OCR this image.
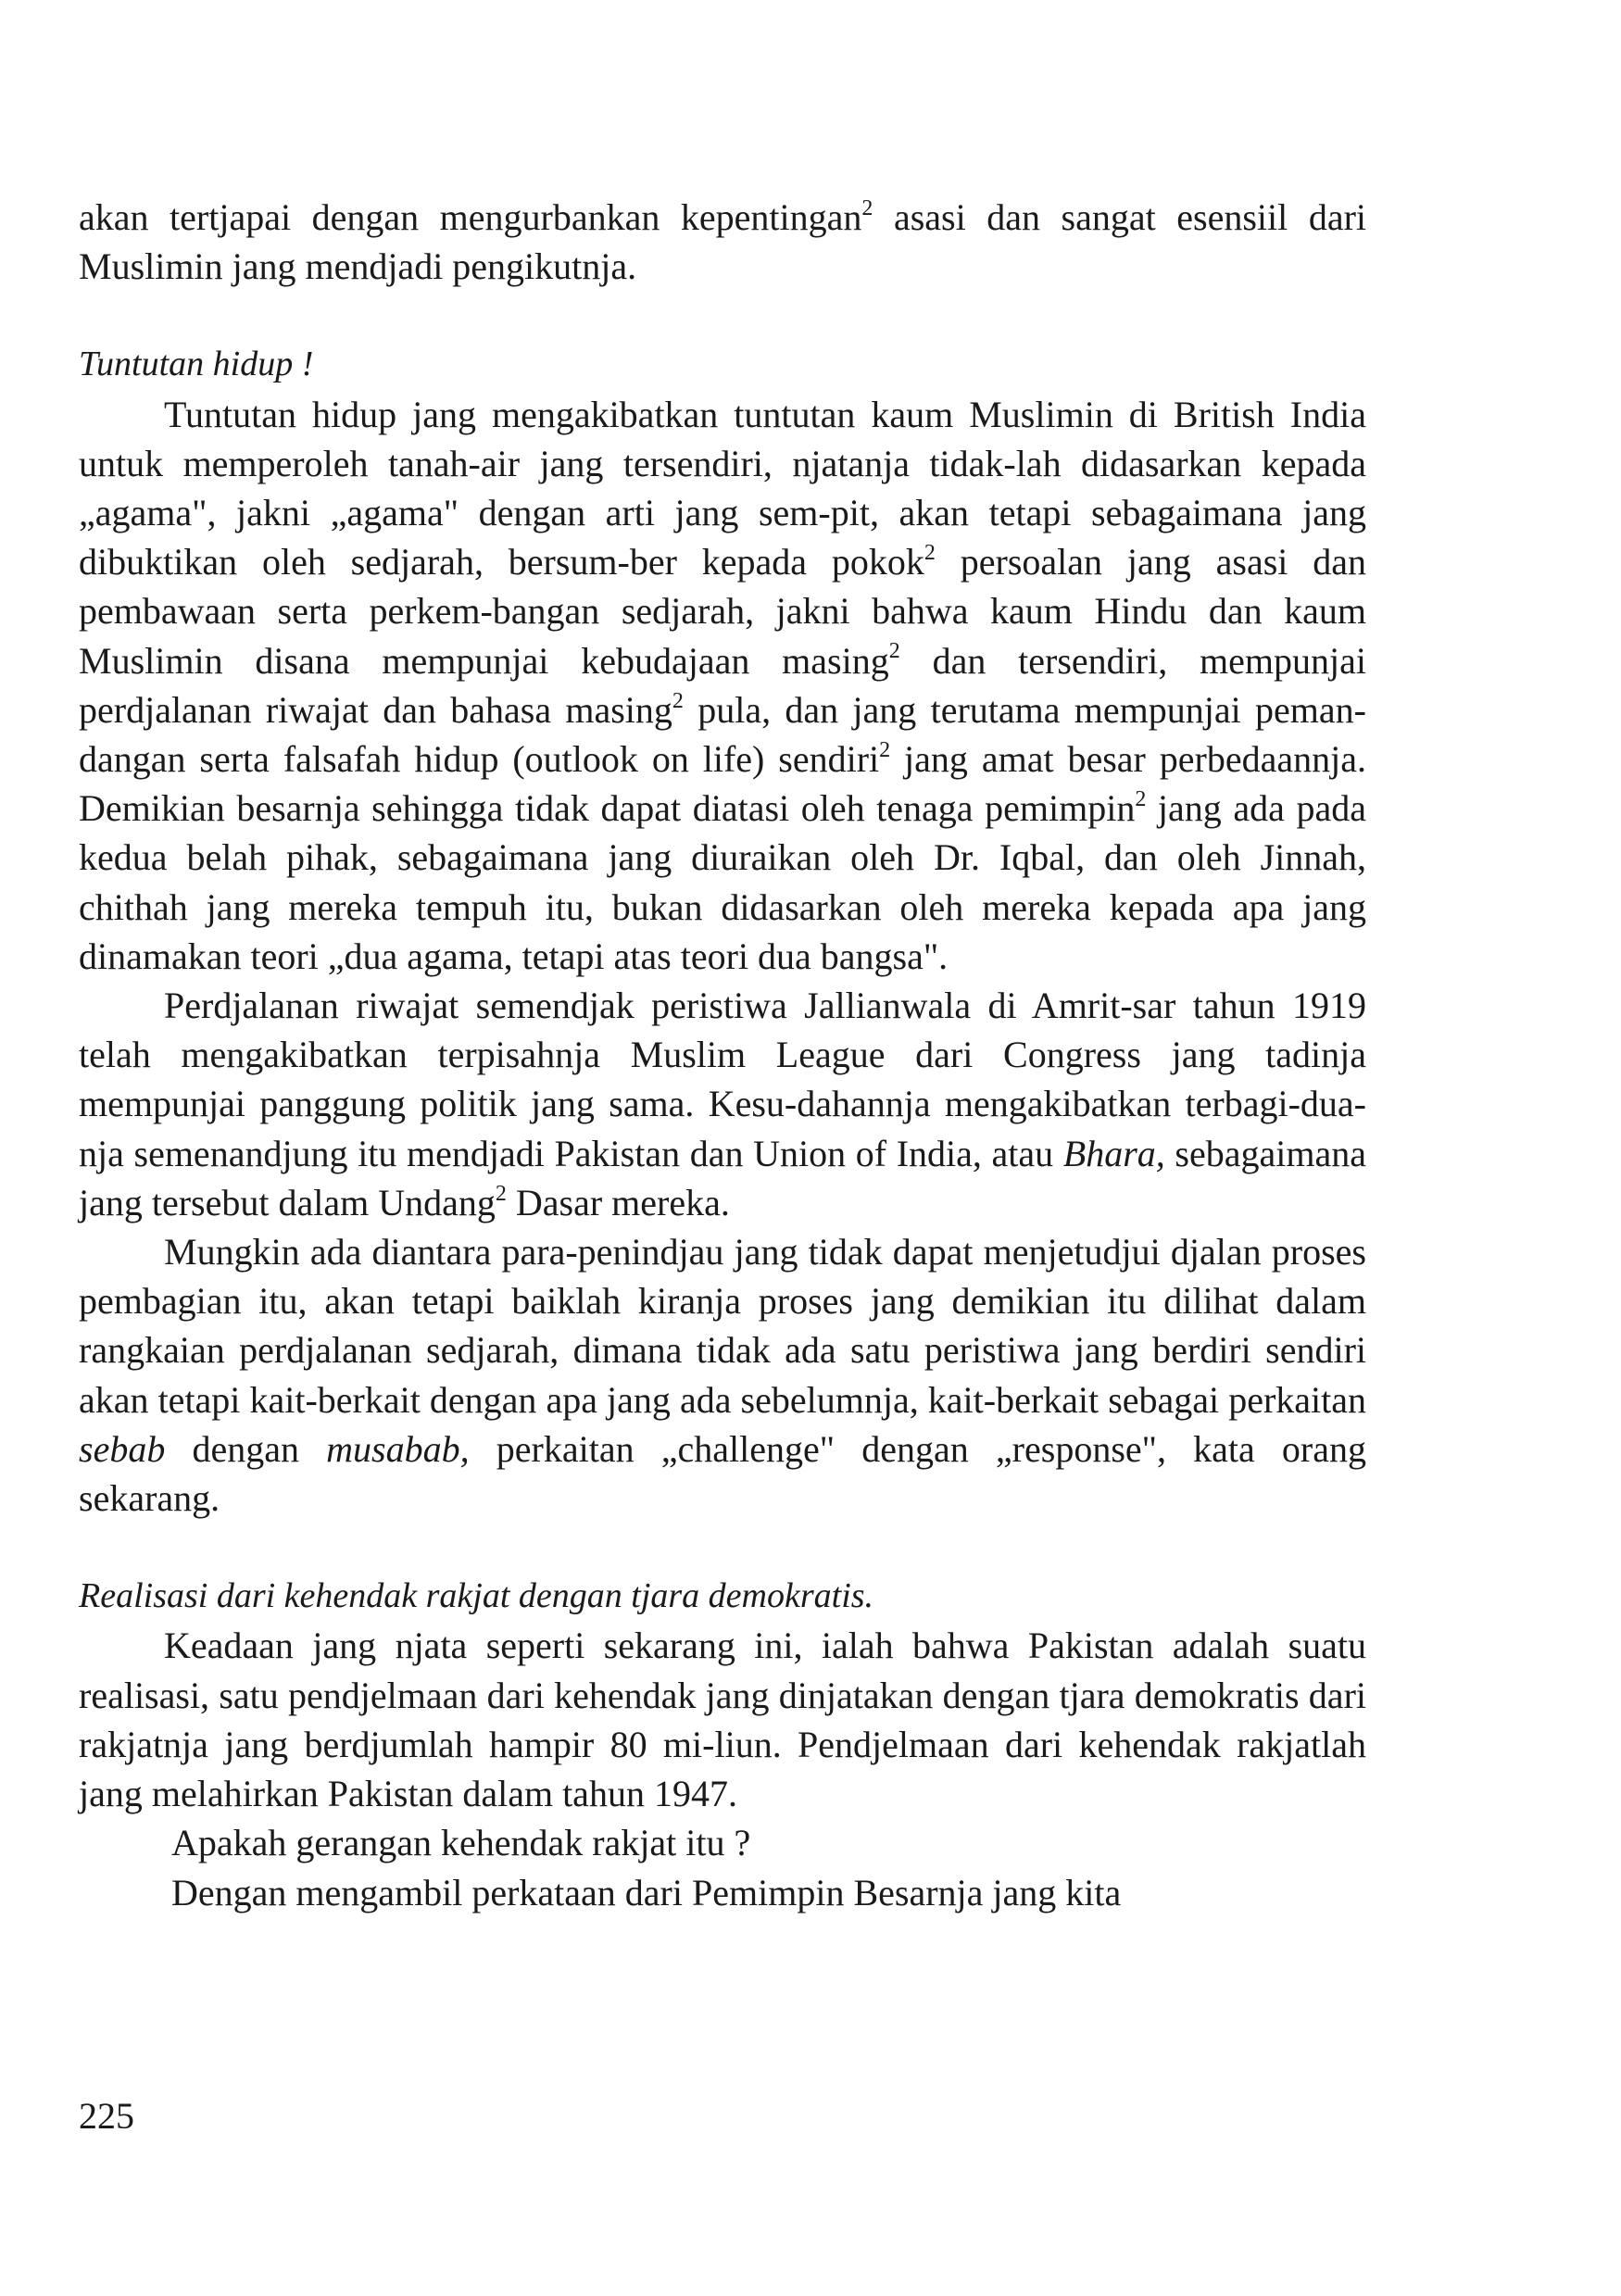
akan tertjapai dengan mengurbankan kepentingan$^2$ asasi dan sangat esensiil dari Muslimin jang mendjadi pengikutnja.

Tuntutan hidup !

Tuntutan hidup jang mengakibatkan tuntutan kaum Muslimin di British India untuk memperoleh tanah-air jang tersendiri, njatanja tidak-lah didasarkan kepada „agama", jakni „agama" dengan arti jang sem-pit, akan tetapi sebagaimana jang dibuktikan oleh sedjarah, bersum-ber kepada pokok$^2$ persoalan jang asasi dan pembawaan serta perkem-bangan sedjarah, jakni bahwa kaum Hindu dan kaum Muslimin disana mempunjai kebudajaan masing$^2$ dan tersendiri, mempunjai perdjalanan riwajat dan bahasa masing$^2$ pula, dan jang terutama mempunjai peman-dangan serta falsafah hidup (outlook on life) sendiri$^2$ jang amat besar perbedaannja. Demikian besarnja sehingga tidak dapat diatasi oleh tenaga pemimpin$^2$ jang ada pada kedua belah pihak, sebagaimana jang diuraikan oleh Dr. Iqbal, dan oleh Jinnah, chithah jang mereka tempuh itu, bukan didasarkan oleh mereka kepada apa jang dinamakan teori „dua agama, tetapi atas teori dua bangsa".

Perdjalanan riwajat semendjak peristiwa Jallianwala di Amrit-sar tahun 1919 telah mengakibatkan terpisahnja Muslim League dari Congress jang tadinja mempunjai panggung politik jang sama. Kesu-dahannja mengakibatkan terbagi-dua-nja semenandjung itu mendjadi Pakistan dan Union of India, atau Bhara, sebagaimana jang tersebut dalam Undang$^2$ Dasar mereka.

Mungkin ada diantara para-penindjau jang tidak dapat menjetudjui djalan proses pembagian itu, akan tetapi baiklah kiranja proses jang demikian itu dilihat dalam rangkaian perdjalanan sedjarah, dimana tidak ada satu peristiwa jang berdiri sendiri akan tetapi kait-berkait dengan apa jang ada sebelumnja, kait-berkait sebagai perkaitan sebab dengan musabab, perkaitan „challenge" dengan „response", kata orang sekarang.

Realisasi dari kehendak rakjat dengan tjara demokratis.

Keadaan jang njata seperti sekarang ini, ialah bahwa Pakistan adalah suatu realisasi, satu pendjelmaan dari kehendak jang dinjatakan dengan tjara demokratis dari rakjatnja jang berdjumlah hampir 80 mi-liun. Pendjelmaan dari kehendak rakjatlah jang melahirkan Pakistan dalam tahun 1947.

Apakah gerangan kehendak rakjat itu ?

Dengan mengambil perkataan dari Pemimpin Besarnja jang kita

225
